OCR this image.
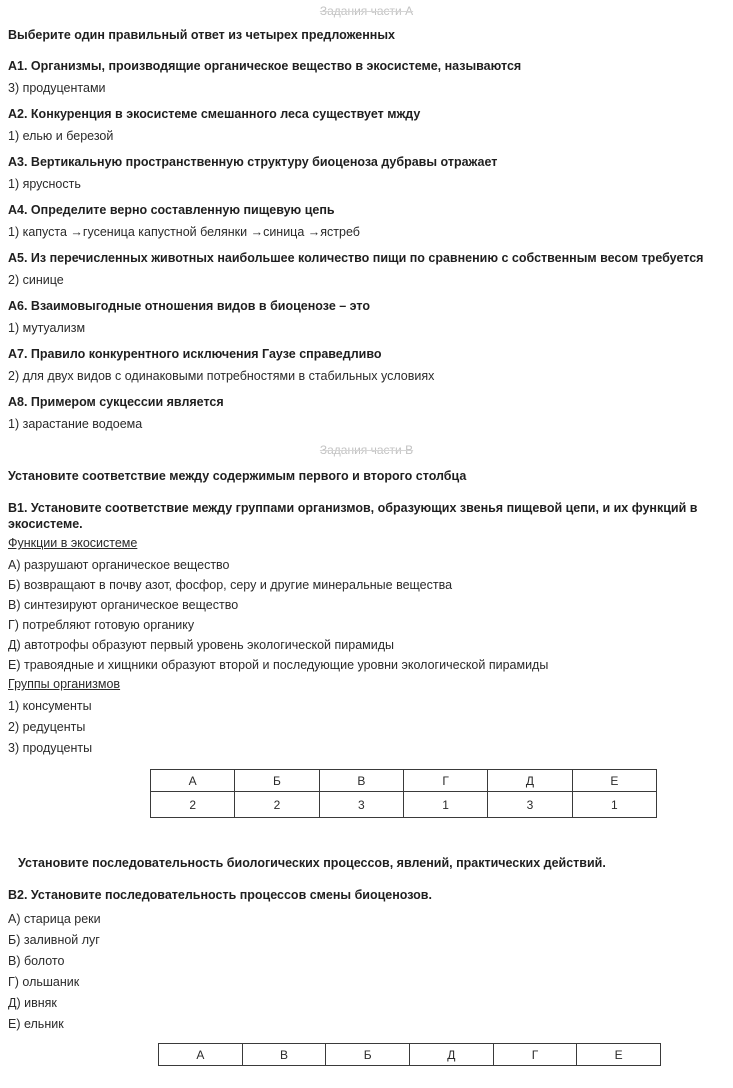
Задания части А
Выберите один правильный ответ из четырех предложенных
А1. Организмы, производящие органическое вещество в экосистеме, называются
3) продуцентами
А2. Конкуренция в экосистеме смешанного леса существует мжду
1) елью и березой
А3. Вертикальную пространственную структуру биоценоза дубравы отражает
1) ярусность
А4. Определите верно составленную пищевую цепь
1) капуста →гусеница капустной белянки →синица →ястреб
А5. Из перечисленных животных наибольшее количество пищи по сравнению с собственным весом требуется
2) синице
А6. Взаимовыгодные отношения видов в биоценозе – это
1) мутуализм
А7. Правило конкурентного исключения Гаузе справедливо
2) для двух видов с одинаковыми потребностями в стабильных условиях
А8. Примером сукцессии является
1) зарастание водоема
Задания части В
Установите соответствие между содержимым первого и второго столбца
В1. Установите соответствие между группами организмов, образующих звенья пищевой цепи, и их функций в экосистеме.
Функции в экосистеме
А) разрушают органическое вещество
Б) возвращают в почву азот, фосфор, серу и другие минеральные вещества
В) синтезируют органическое вещество
Г) потребляют готовую органику
Д) автотрофы образуют первый уровень экологической пирамиды
Е) травоядные и хищники образуют второй и последующие уровни экологической пирамиды
Группы организмов
1) консументы
2) редуценты
3) продуценты
А	Б	В	Г	Д	Е
2	2	3	1	3	1
Установите последовательность биологических процессов, явлений, практических действий.
В2. Установите последовательность процессов смены биоценозов.
А) старица реки
Б) заливной луг
В) болото
Г) ольшаник
Д) ивняк
Е) ельник
А	В	Б	Д	Г	Е
